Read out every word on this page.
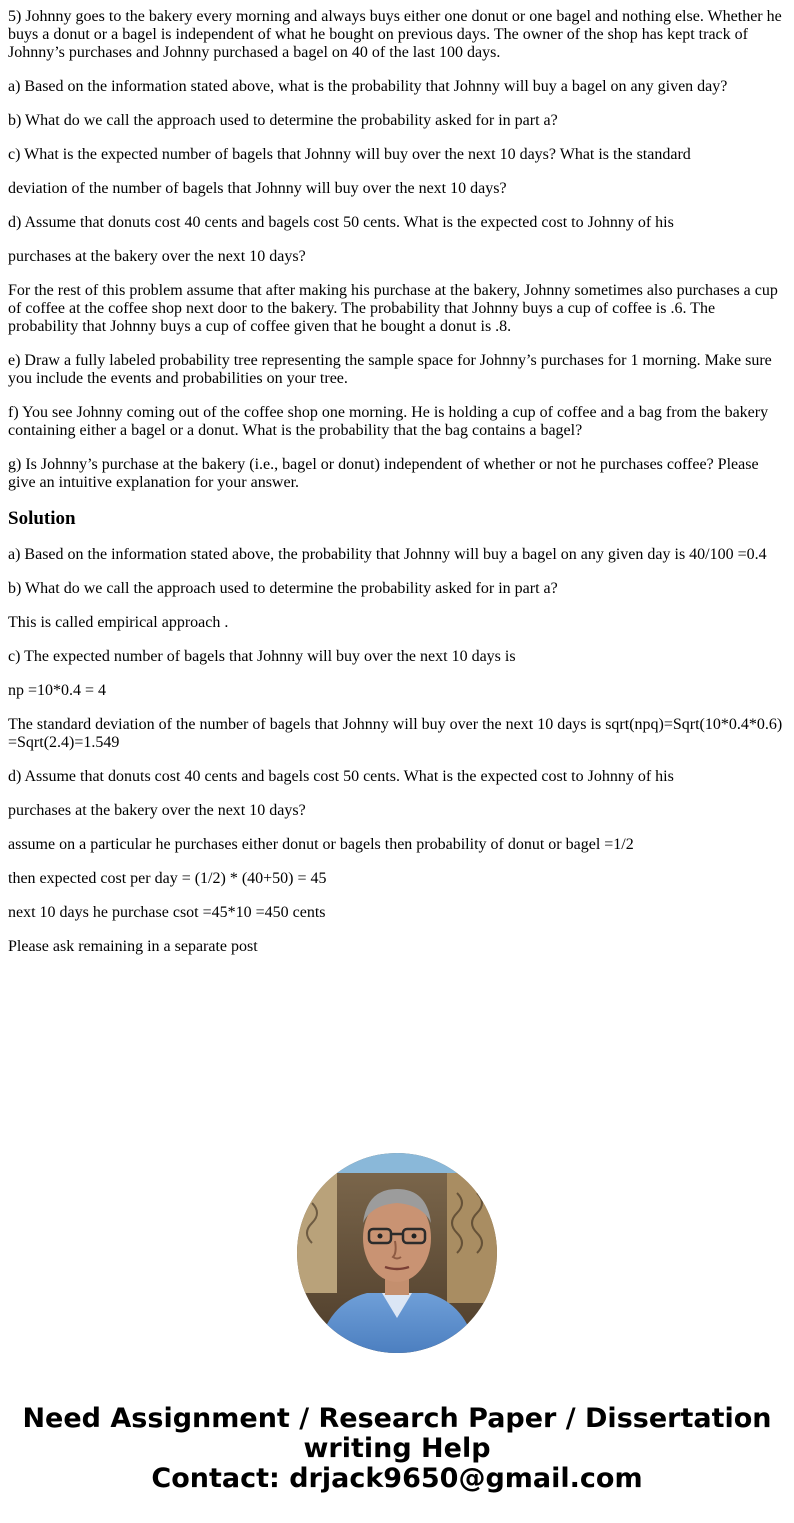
5) Johnny goes to the bakery every morning and always buys either one donut or one bagel and nothing else. Whether he buys a donut or a bagel is independent of what he bought on previous days. The owner of the shop has kept track of Johnny’s purchases and Johnny purchased a bagel on 40 of the last 100 days.

a) Based on the information stated above, what is the probability that Johnny will buy a bagel on any given day?

b) What do we call the approach used to determine the probability asked for in part a?

c) What is the expected number of bagels that Johnny will buy over the next 10 days? What is the standard

deviation of the number of bagels that Johnny will buy over the next 10 days?

d) Assume that donuts cost 40 cents and bagels cost 50 cents. What is the expected cost to Johnny of his

purchases at the bakery over the next 10 days?

For the rest of this problem assume that after making his purchase at the bakery, Johnny sometimes also purchases a cup of coffee at the coffee shop next door to the bakery. The probability that Johnny buys a cup of coffee is .6. The probability that Johnny buys a cup of coffee given that he bought a donut is .8.

e) Draw a fully labeled probability tree representing the sample space for Johnny’s purchases for 1 morning. Make sure you include the events and probabilities on your tree.

f) You see Johnny coming out of the coffee shop one morning. He is holding a cup of coffee and a bag from the bakery containing either a bagel or a donut. What is the probability that the bag contains a bagel?

g) Is Johnny’s purchase at the bakery (i.e., bagel or donut) independent of whether or not he purchases coffee? Please give an intuitive explanation for your answer.

Solution

a) Based on the information stated above, the probability that Johnny will buy a bagel on any given day is 40/100 =0.4

b) What do we call the approach used to determine the probability asked for in part a?

This is called empirical approach .

c) The expected number of bagels that Johnny will buy over the next 10 days is

np =10*0.4 = 4

The standard deviation of the number of bagels that Johnny will buy over the next 10 days is sqrt(npq)=Sqrt(10*0.4*0.6) =Sqrt(2.4)=1.549

d) Assume that donuts cost 40 cents and bagels cost 50 cents. What is the expected cost to Johnny of his

purchases at the bakery over the next 10 days?

assume on a particular he purchases either donut or bagels then probability of donut or bagel =1/2

then expected cost per day = (1/2) * (40+50) = 45

next 10 days he purchase csot =45*10 =450 cents

Please ask remaining in a separate post

Need Assignment / Research Paper / Dissertation
writing Help
Contact: drjack9650@gmail.com
